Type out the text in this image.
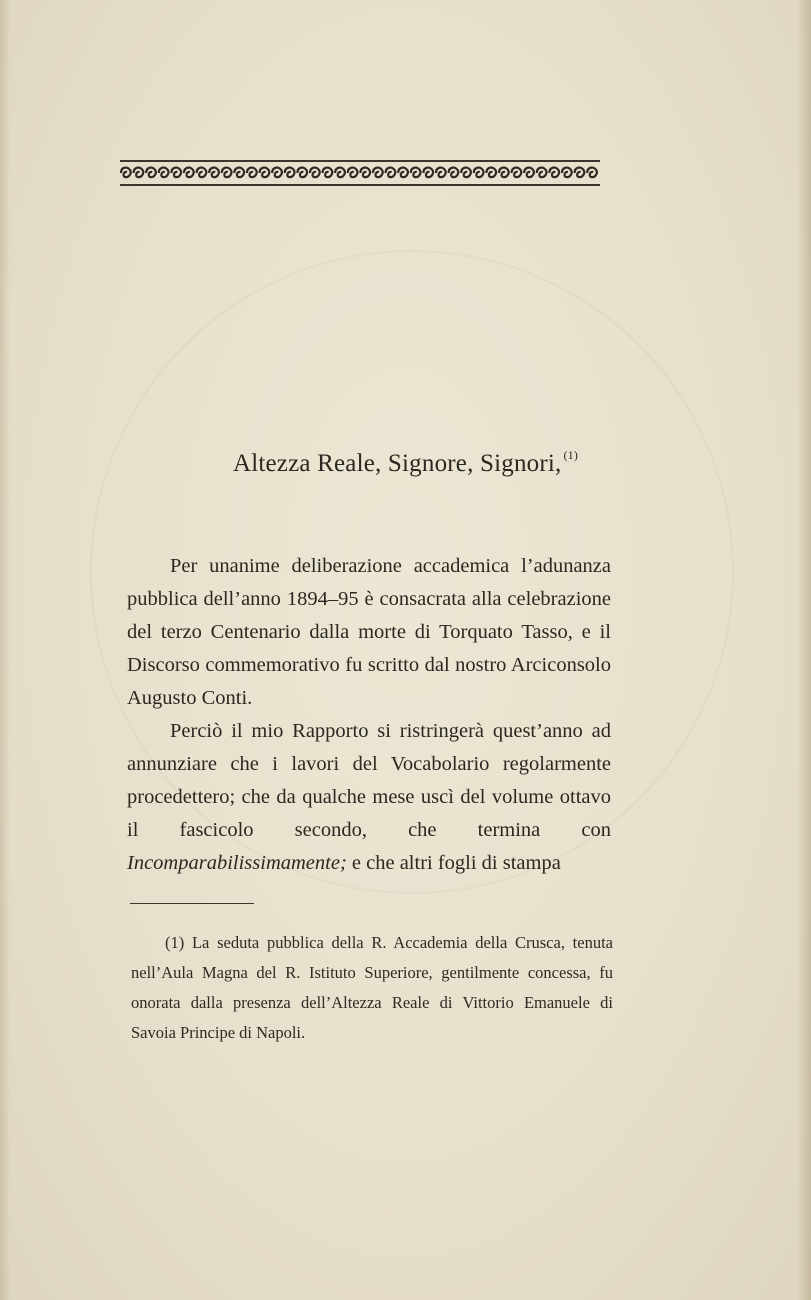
Altezza Reale, Signore, Signori, $^{(1)}$

Per unanime deliberazione accademica l’adunanza pubblica dell’anno 1894–95 è consacrata alla celebrazione del terzo Centenario dalla morte di Torquato Tasso, e il Discorso commemorativo fu scritto dal nostro Arciconsolo Augusto Conti.

Perciò il mio Rapporto si ristringerà quest’anno ad annunziare che i lavori del Vocabolario regolarmente procedettero; che da qualche mese uscì del volume ottavo il fascicolo secondo, che termina con Incomparabilissimamente; e che altri fogli di stampa

(1) La seduta pubblica della R. Accademia della Crusca, tenuta nell’Aula Magna del R. Istituto Superiore, gentilmente concessa, fu onorata dalla presenza dell’Altezza Reale di Vittorio Emanuele di Savoia Principe di Napoli.
